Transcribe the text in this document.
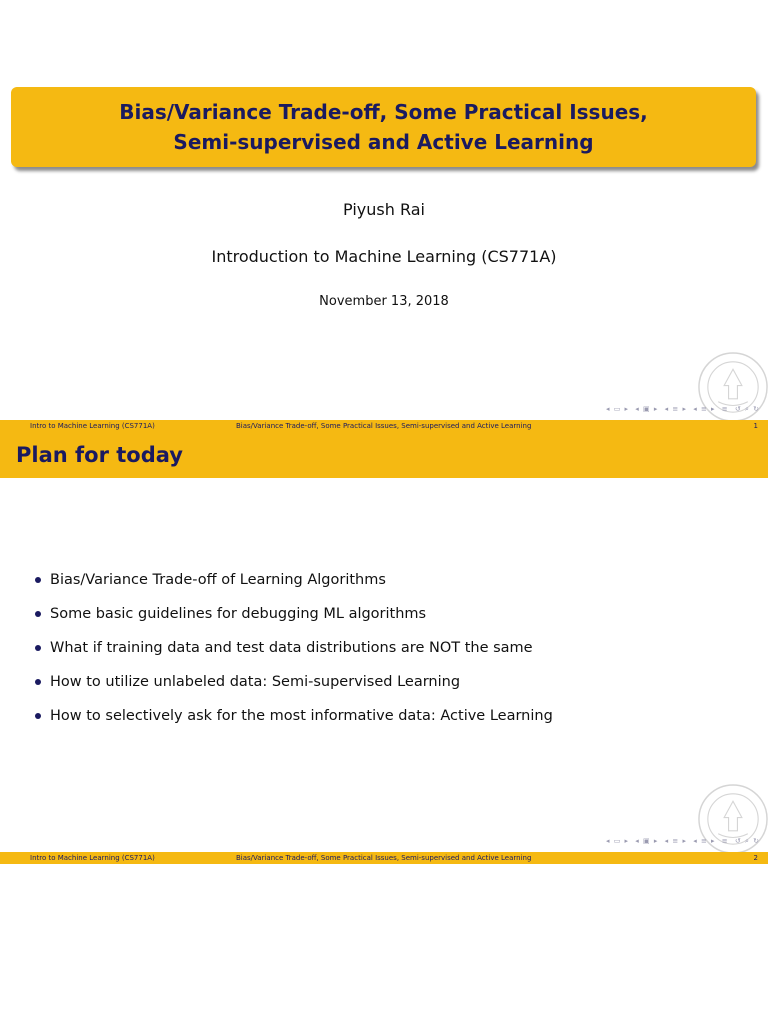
Bias/Variance Trade-off, Some Practical Issues,
Semi-supervised and Active Learning
Piyush Rai
Introduction to Machine Learning (CS771A)
November 13, 2018
◂ ▭ ▸ ◂ ▣ ▸ ◂ ≡ ▸ ◂ ≡ ▸ ≡ ↺ ⌕ ↻
Intro to Machine Learning (CS771A)	Bias/Variance Trade-off, Some Practical Issues, Semi-supervised and Active Learning	1
Plan for today
Bias/Variance Trade-off of Learning Algorithms
Some basic guidelines for debugging ML algorithms
What if training data and test data distributions are NOT the same
How to utilize unlabeled data: Semi-supervised Learning
How to selectively ask for the most informative data: Active Learning
◂ ▭ ▸ ◂ ▣ ▸ ◂ ≡ ▸ ◂ ≡ ▸ ≡ ↺ ⌕ ↻
Intro to Machine Learning (CS771A)	Bias/Variance Trade-off, Some Practical Issues, Semi-supervised and Active Learning	2
